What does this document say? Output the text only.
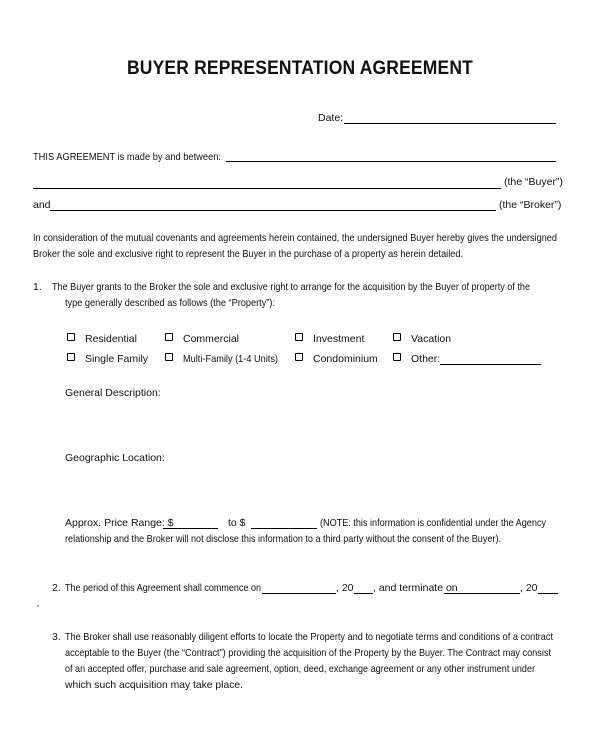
BUYER REPRESENTATION AGREEMENT
Date:
THIS AGREEMENT is made by and between:
(the “Buyer”)
and	(the “Broker”)
In consideration of the mutual covenants and agreements herein contained, the undersigned Buyer hereby gives the undersigned
Broker the sole and exclusive right to represent the Buyer in the purchase of a property as herein detailed.
1. The Buyer grants to the Broker the sole and exclusive right to arrange for the acquisition by the Buyer of property of the
type generally described as follows (the “Property”):
Residential	Commercial	Investment	Vacation
Single Family	Multi-Family (1-4 Units)	Condominium	Other:
General Description:
Geographic Location:
Approx. Price Range: $	to $	(NOTE: this information is confidential under the Agency
relationship and the Broker will not disclose this information to a third party without the consent of the Buyer).
2. The period of this Agreement shall commence on	, 20 , and terminate on	, 20
·
3. The Broker shall use reasonably diligent efforts to locate the Property and to negotiate terms and conditions of a contract
acceptable to the Buyer (the “Contract”) providing the acquisition of the Property by the Buyer. The Contract may consist
of an accepted offer, purchase and sale agreement, option, deed, exchange agreement or any other instrument under
which such acquisition may take place.
